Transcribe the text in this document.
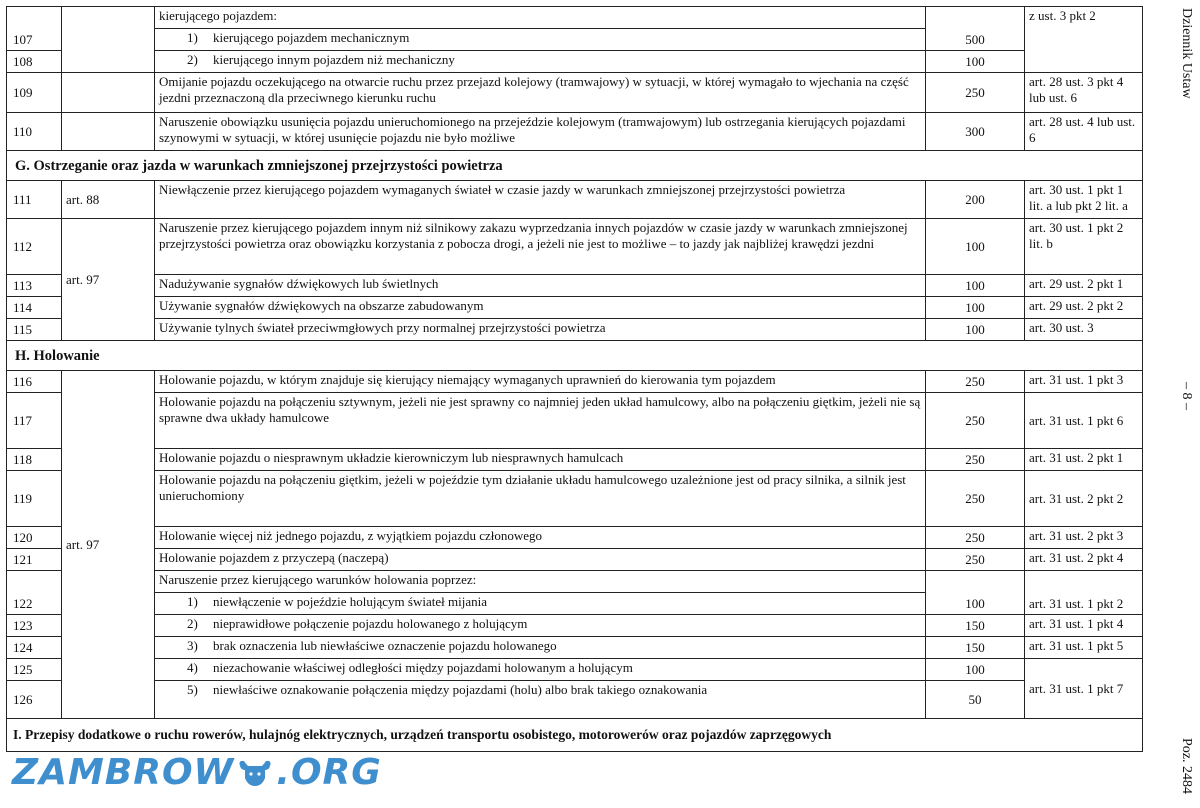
107		kierującego pojazdem:	500	z ust. 3 pkt 2
		1) kierującego pojazdem mechanicznym		
108		2) kierującego innym pojazdem niż mechaniczny	100	
109		Omijanie pojazdu oczekującego na otwarcie ruchu przez przejazd kolejowy (tramwajowy) w sytuacji, w której wymagało to wjechania na część jezdni przeznaczoną dla przeciwnego kierunku ruchu	250	art. 28 ust. 3 pkt 4 lub ust. 6
110		Naruszenie obowiązku usunięcia pojazdu unieruchomionego na przejeździe kolejowym (tramwajowym) lub ostrzegania kierujących pojazdami szynowymi w sytuacji, w której usunięcie pojazdu nie było możliwe	300	art. 28 ust. 4 lub ust. 6
G. Ostrzeganie oraz jazda w warunkach zmniejszonej przejrzystości powietrza				
111	art. 88	Niewłączenie przez kierującego pojazdem wymaganych świateł w czasie jazdy w warunkach zmniejszonej przejrzystości powietrza	200	art. 30 ust. 1 pkt 1 lit. a lub pkt 2 lit. a
112	art. 97	Naruszenie przez kierującego pojazdem innym niż silnikowy zakazu wyprzedzania innych pojazdów w czasie jazdy w warunkach zmniejszonej przejrzystości powietrza oraz obowiązku korzystania z pobocza drogi, a jeżeli nie jest to możliwe – to jazdy jak najbliżej krawędzi jezdni	100	art. 30 ust. 1 pkt 2 lit. b
113		Nadużywanie sygnałów dźwiękowych lub świetlnych	100	art. 29 ust. 2 pkt 1
114		Używanie sygnałów dźwiękowych na obszarze zabudowanym	100	art. 29 ust. 2 pkt 2
115		Używanie tylnych świateł przeciwmgłowych przy normalnej przejrzystości powietrza	100	art. 30 ust. 3
H. Holowanie				
116	art. 97	Holowanie pojazdu, w którym znajduje się kierujący niemający wymaganych uprawnień do kierowania tym pojazdem	250	art. 31 ust. 1 pkt 3
117		Holowanie pojazdu na połączeniu sztywnym, jeżeli nie jest sprawny co najmniej jeden układ hamulcowy, albo na połączeniu giętkim, jeżeli nie są sprawne dwa układy hamulcowe	250	art. 31 ust. 1 pkt 6
118		Holowanie pojazdu o niesprawnym układzie kierowniczym lub niesprawnych hamulcach	250	art. 31 ust. 2 pkt 1
119		Holowanie pojazdu na połączeniu giętkim, jeżeli w pojeździe tym działanie układu hamulcowego uzależnione jest od pracy silnika, a silnik jest unieruchomiony	250	art. 31 ust. 2 pkt 2
120		Holowanie więcej niż jednego pojazdu, z wyjątkiem pojazdu członowego	250	art. 31 ust. 2 pkt 3
121		Holowanie pojazdem z przyczepą (naczepą)	250	art. 31 ust. 2 pkt 4
122		Naruszenie przez kierującego warunków holowania poprzez:	100	art. 31 ust. 1 pkt 2
		1) niewłączenie w pojeździe holującym świateł mijania		
123		2) nieprawidłowe połączenie pojazdu holowanego z holującym	150	art. 31 ust. 1 pkt 4
124		3) brak oznaczenia lub niewłaściwe oznaczenie pojazdu holowanego	150	art. 31 ust. 1 pkt 5
125		4) niezachowanie właściwej odległości między pojazdami holowanym a holującym	100	art. 31 ust. 1 pkt 7
126		5) niewłaściwe oznakowanie połączenia między pojazdami (holu) albo brak takiego oznakowania	50	
I. Przepisy dodatkowe o ruchu rowerów, hulajnóg elektrycznych, urządzeń transportu osobistego, motorowerów oraz pojazdów zaprzęgowych				
Dziennik Ustaw
– 8 –
Poz. 2484
ZAMBROW .ORG
